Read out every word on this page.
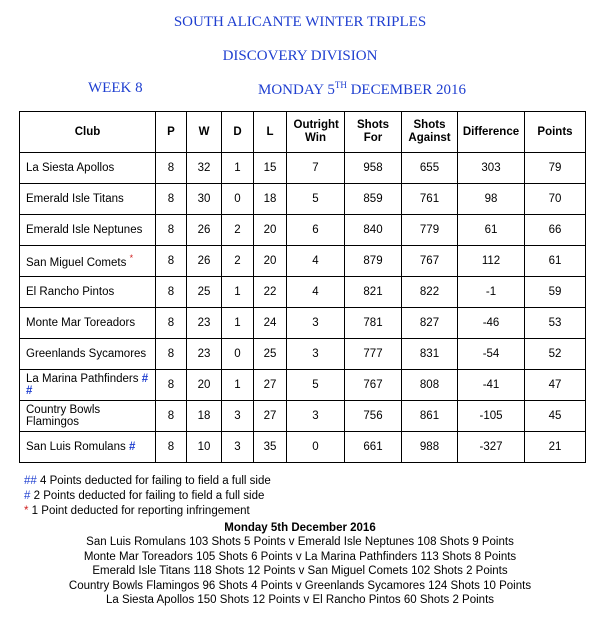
SOUTH ALICANTE WINTER TRIPLES
DISCOVERY DIVISION
WEEK 8	MONDAY 5TH DECEMBER 2016
Club	P	W	D	L	Outright Win	Shots For	Shots Against	Difference	Points
La Siesta Apollos	8	32	1	15	7	958	655	303	79
Emerald Isle Titans	8	30	0	18	5	859	761	98	70
Emerald Isle Neptunes	8	26	2	20	6	840	779	61	66
San Miguel Comets *	8	26	2	20	4	879	767	112	61
El Rancho Pintos	8	25	1	22	4	821	822	-1	59
Monte Mar Toreadors	8	23	1	24	3	781	827	-46	53
Greenlands Sycamores	8	23	0	25	3	777	831	-54	52
La Marina Pathfinders # #	8	20	1	27	5	767	808	-41	47
Country Bowls Flamingos	8	18	3	27	3	756	861	-105	45
San Luis Romulans #	8	10	3	35	0	661	988	-327	21
## 4 Points deducted for failing to field a full side
# 2 Points deducted for failing to field a full side
* 1 Point deducted for reporting infringement
Monday 5th December 2016
San Luis Romulans 103 Shots 5 Points v Emerald Isle Neptunes 108 Shots 9 Points
Monte Mar Toreadors 105 Shots 6 Points v La Marina Pathfinders 113 Shots 8 Points
Emerald Isle Titans 118 Shots 12 Points v San Miguel Comets 102 Shots 2 Points
Country Bowls Flamingos 96 Shots 4 Points v Greenlands Sycamores 124 Shots 10 Points
La Siesta Apollos 150 Shots 12 Points v El Rancho Pintos 60 Shots 2 Points
